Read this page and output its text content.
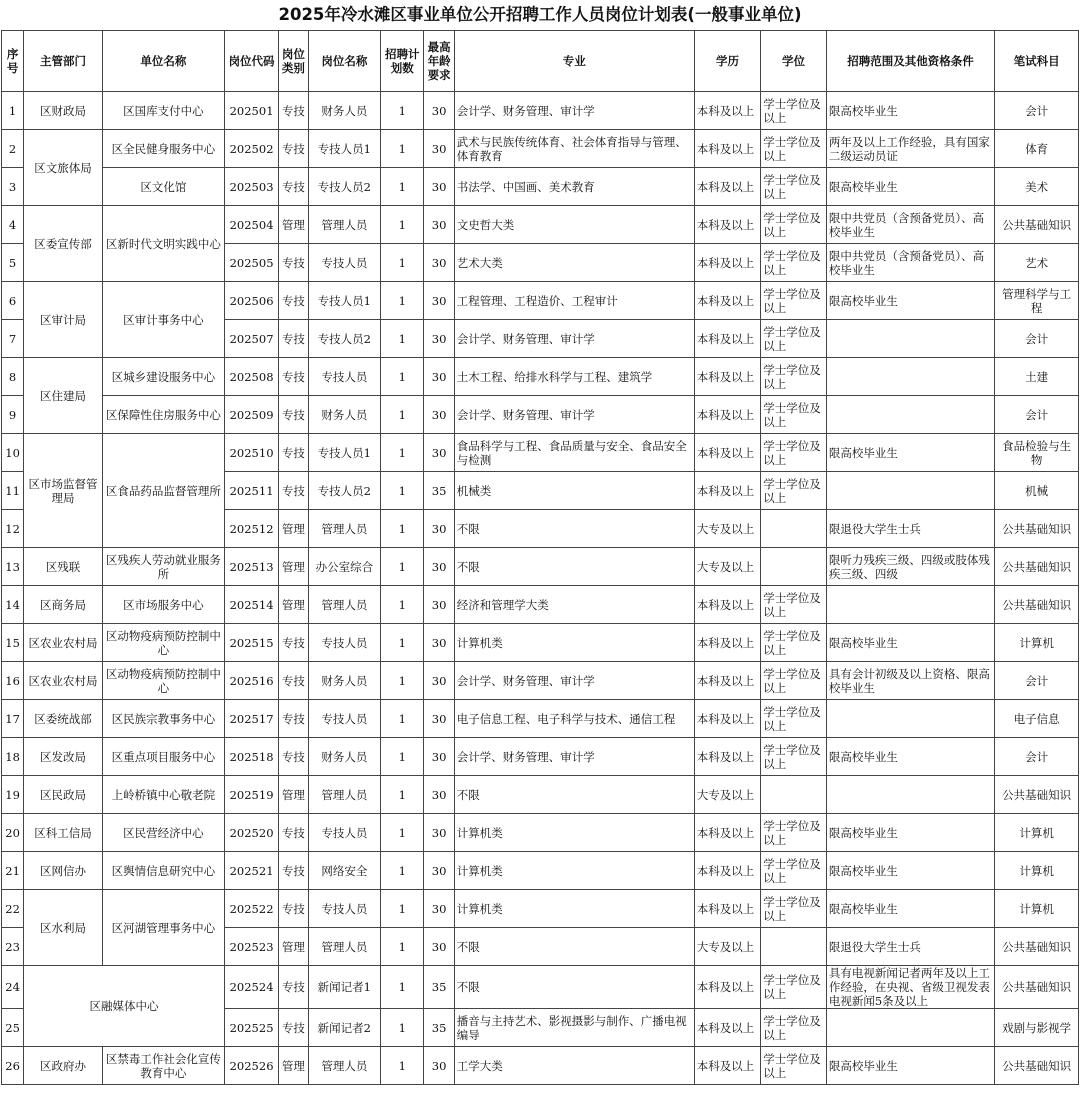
2025年冷水滩区事业单位公开招聘工作人员岗位计划表(一般事业单位)
序号	主管部门	单位名称	岗位代码	岗位类别	岗位名称	招聘计划数	最高年龄要求	专业	学历	学位	招聘范围及其他资格条件	笔试科目
1	区财政局	区国库支付中心	202501	专技	财务人员	1	30	会计学、财务管理、审计学	本科及以上	学士学位及以上	限高校毕业生	会计
2	区文旅体局	区全民健身服务中心	202502	专技	专技人员1	1	30	武术与民族传统体育、社会体育指导与管理、体育教育	本科及以上	学士学位及以上	两年及以上工作经验，具有国家二级运动员证	体育
3		区文化馆	202503	专技	专技人员2	1	30	书法学、中国画、美术教育	本科及以上	学士学位及以上	限高校毕业生	美术
4	区委宣传部	区新时代文明实践中心	202504	管理	管理人员	1	30	文史哲大类	本科及以上	学士学位及以上	限中共党员（含预备党员）、高校毕业生	公共基础知识
5			202505	专技	专技人员	1	30	艺术大类	本科及以上	学士学位及以上	限中共党员（含预备党员）、高校毕业生	艺术
6	区审计局	区审计事务中心	202506	专技	专技人员1	1	30	工程管理、工程造价、工程审计	本科及以上	学士学位及以上	限高校毕业生	管理科学与工程
7			202507	专技	专技人员2	1	30	会计学、财务管理、审计学	本科及以上	学士学位及以上		会计
8	区住建局	区城乡建设服务中心	202508	专技	专技人员	1	30	土木工程、给排水科学与工程、建筑学	本科及以上	学士学位及以上		土建
9		区保障性住房服务中心	202509	专技	财务人员	1	30	会计学、财务管理、审计学	本科及以上	学士学位及以上		会计
10	区市场监督管理局	区食品药品监督管理所	202510	专技	专技人员1	1	30	食品科学与工程、食品质量与安全、食品安全与检测	本科及以上	学士学位及以上	限高校毕业生	食品检验与生物
11			202511	专技	专技人员2	1	35	机械类	本科及以上	学士学位及以上		机械
12			202512	管理	管理人员	1	30	不限	大专及以上		限退役大学生士兵	公共基础知识
13	区残联	区残疾人劳动就业服务所	202513	管理	办公室综合	1	30	不限	大专及以上		限听力残疾三级、四级或肢体残疾三级、四级	公共基础知识
14	区商务局	区市场服务中心	202514	管理	管理人员	1	30	经济和管理学大类	本科及以上	学士学位及以上		公共基础知识
15	区农业农村局	区动物疫病预防控制中心	202515	专技	专技人员	1	30	计算机类	本科及以上	学士学位及以上	限高校毕业生	计算机
16	区农业农村局	区动物疫病预防控制中心	202516	专技	财务人员	1	30	会计学、财务管理、审计学	本科及以上	学士学位及以上	具有会计初级及以上资格、限高校毕业生	会计
17	区委统战部	区民族宗教事务中心	202517	专技	专技人员	1	30	电子信息工程、电子科学与技术、通信工程	本科及以上	学士学位及以上		电子信息
18	区发改局	区重点项目服务中心	202518	专技	财务人员	1	30	会计学、财务管理、审计学	本科及以上	学士学位及以上	限高校毕业生	会计
19	区民政局	上岭桥镇中心敬老院	202519	管理	管理人员	1	30	不限	大专及以上			公共基础知识
20	区科工信局	区民营经济中心	202520	专技	专技人员	1	30	计算机类	本科及以上	学士学位及以上	限高校毕业生	计算机
21	区网信办	区舆情信息研究中心	202521	专技	网络安全	1	30	计算机类	本科及以上	学士学位及以上	限高校毕业生	计算机
22	区水利局	区河湖管理事务中心	202522	专技	专技人员	1	30	计算机类	本科及以上	学士学位及以上	限高校毕业生	计算机
23			202523	管理	管理人员	1	30	不限	大专及以上		限退役大学生士兵	公共基础知识
24	区融媒体中心		202524	专技	新闻记者1	1	35	不限	本科及以上	学士学位及以上	具有电视新闻记者两年及以上工作经验，在央视、省级卫视发表电视新闻5条及以上	公共基础知识
25			202525	专技	新闻记者2	1	35	播音与主持艺术、影视摄影与制作、广播电视编导	本科及以上	学士学位及以上		戏剧与影视学
26	区政府办	区禁毒工作社会化宣传教育中心	202526	管理	管理人员	1	30	工学大类	本科及以上	学士学位及以上	限高校毕业生	公共基础知识
